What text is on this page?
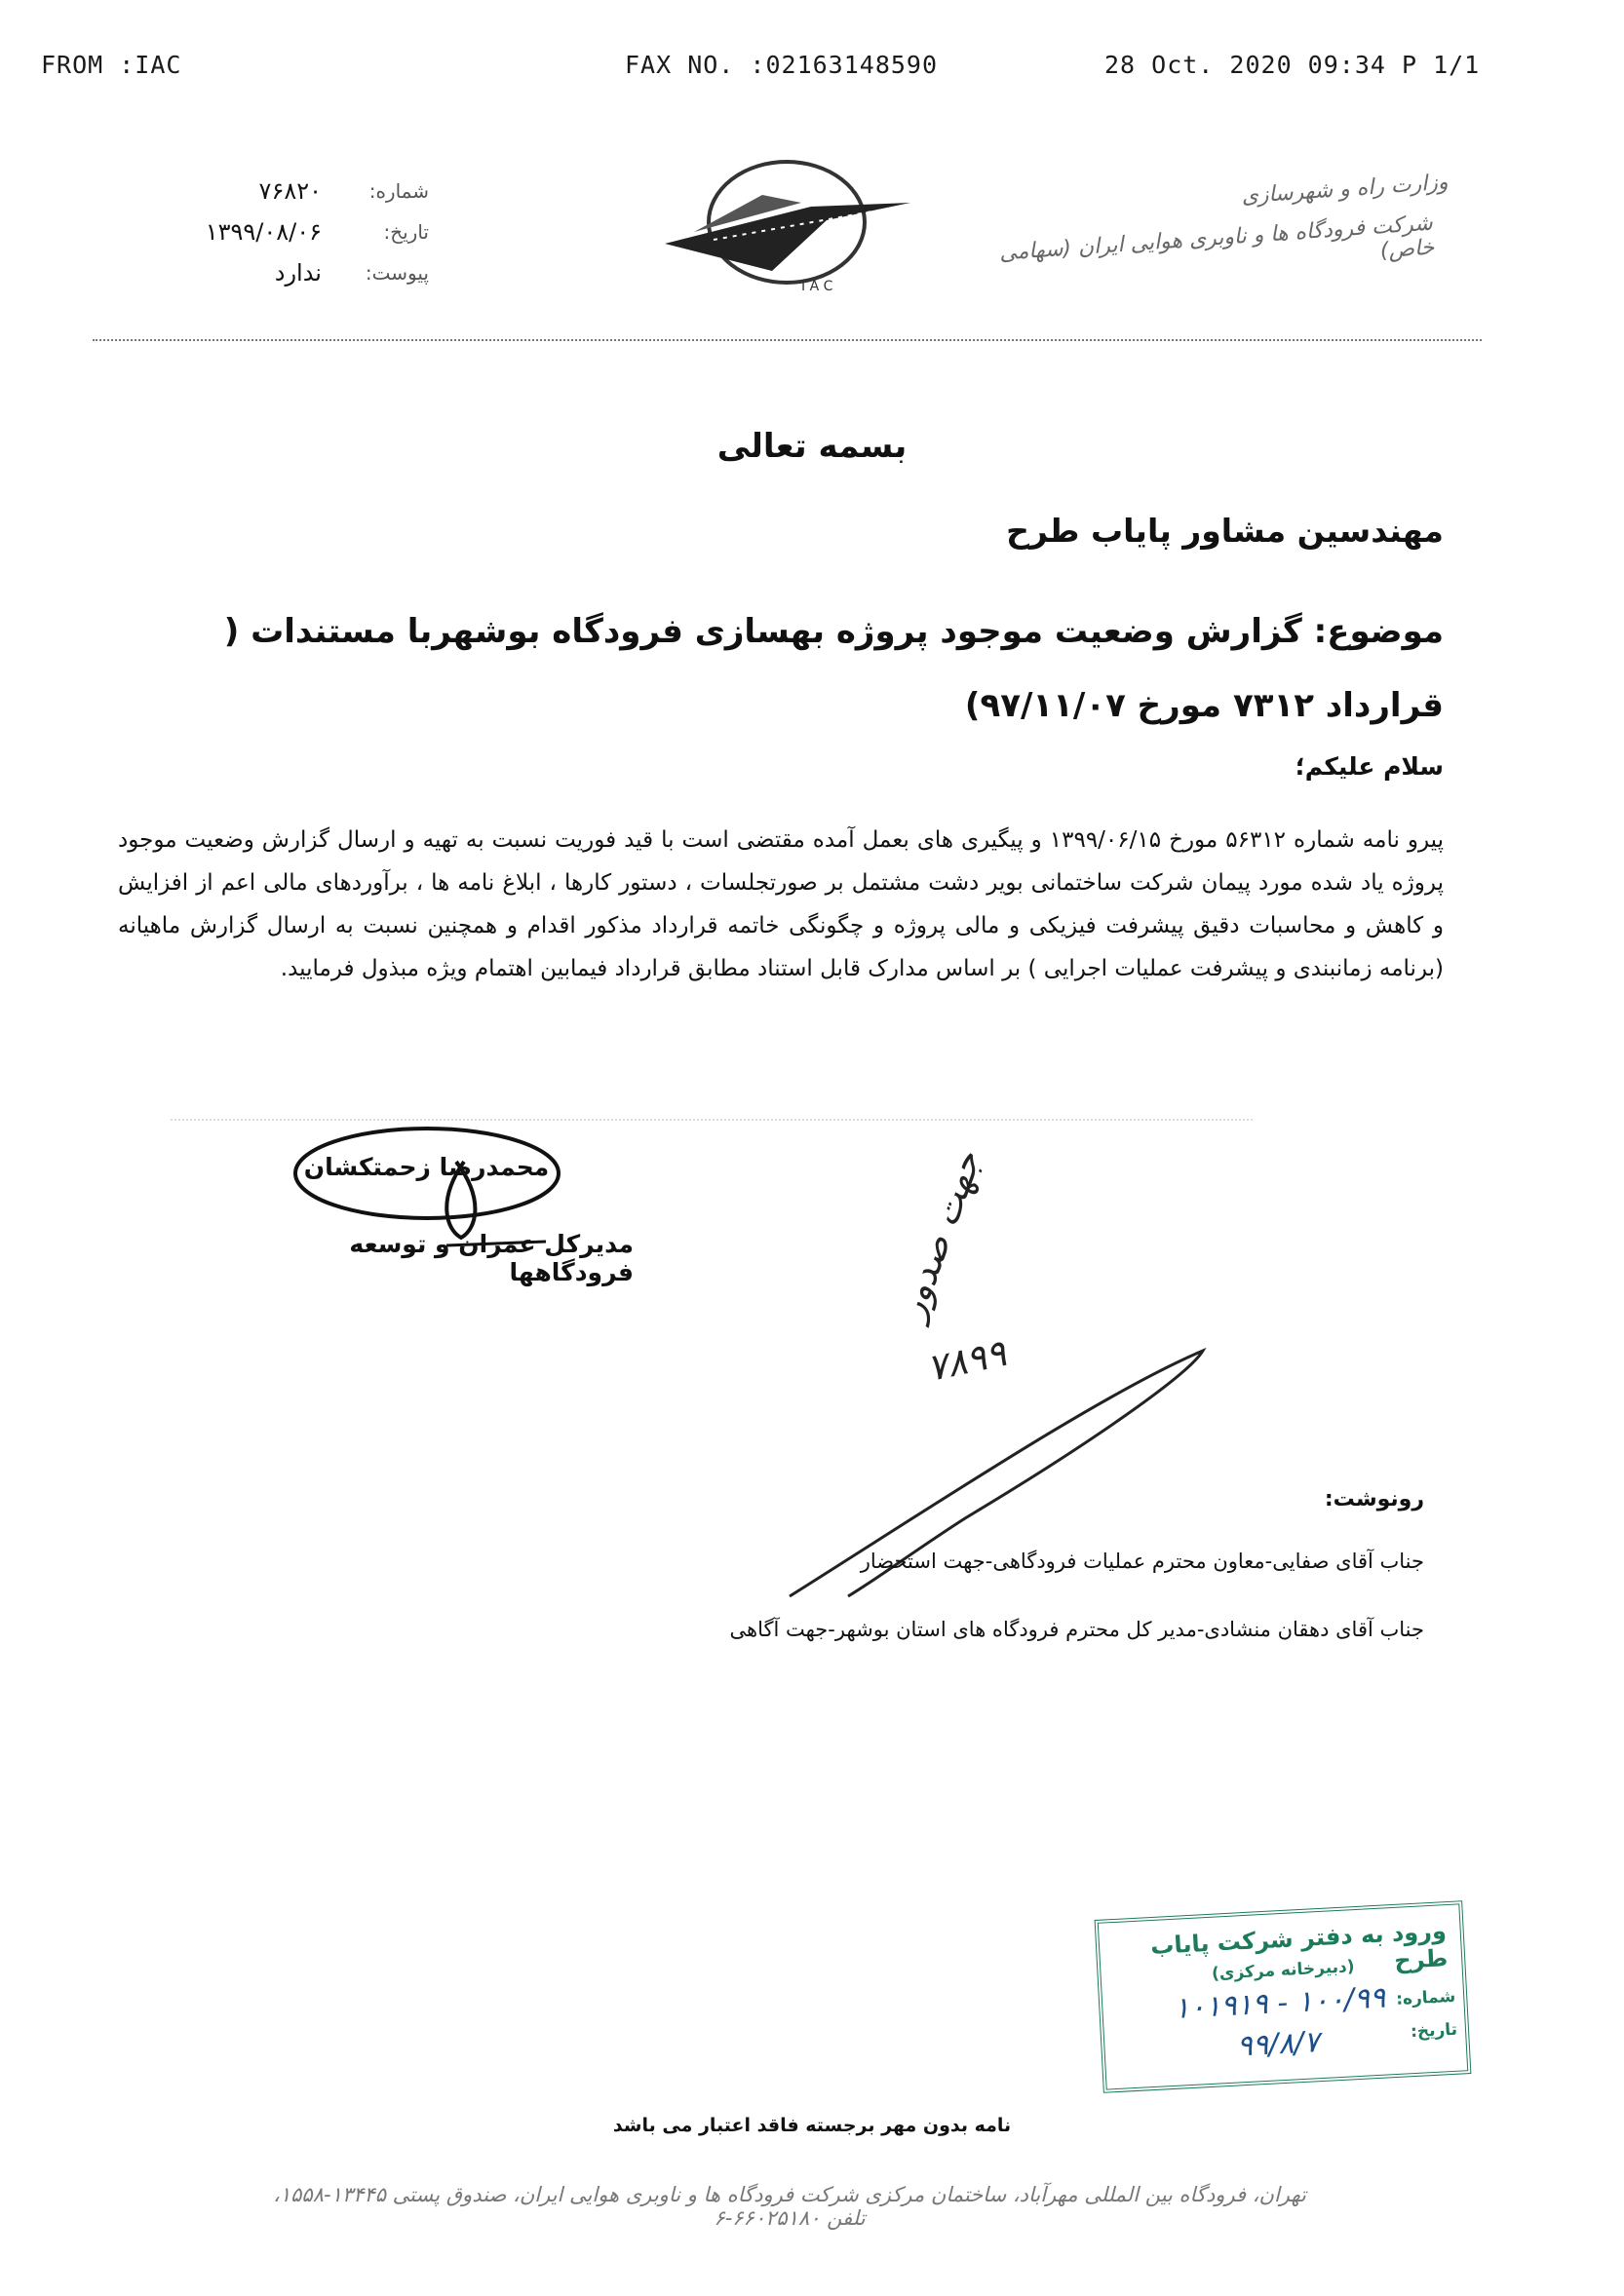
FROM :IAC	FAX NO. :02163148590	28 Oct. 2020 09:34 P 1/1
شماره:
۷۶۸۲۰
تاریخ:
۱۳۹۹/۰۸/۰۶
پیوست:
ندارد	I A C
وزارت راه و شهرسازی
شرکت فرودگاه ها و ناوبری هوایی ایران (سهامی خاص)
بسمه تعالی
مهندسین مشاور پایاب طرح
موضوع: گزارش وضعیت موجود پروژه بهسازی فرودگاه بوشهربا مستندات ( قرارداد ۷۳۱۲ مورخ ۹۷/۱۱/۰۷)
سلام علیکم؛
پیرو نامه شماره ۵۶۳۱۲ مورخ ۱۳۹۹/۰۶/۱۵ و پیگیری های بعمل آمده مقتضی است با قید فوریت نسبت به تهیه و ارسال گزارش وضعیت موجود پروژه یاد شده مورد پیمان شرکت ساختمانی بویر دشت مشتمل بر صورتجلسات ، دستور کارها ، ابلاغ نامه ها ، برآوردهای مالی اعم از افزایش و کاهش و محاسبات دقیق پیشرفت فیزیکی و مالی پروژه و چگونگی خاتمه قرارداد مذکور اقدام و همچنین نسبت به ارسال گزارش ماهیانه (برنامه زمانبندی و پیشرفت عملیات اجرایی ) بر اساس مدارک قابل استناد مطابق قرارداد فیمابین اهتمام ویژه مبذول فرمایید.
محمدرضا زحمتکشان
مدیرکل عمران و توسعه فرودگاهها	جهت صدور
۷۸۹۹
رونوشت:
جناب آقای صفایی-معاون محترم عملیات فرودگاهی-جهت استحضار
جناب آقای دهقان منشادی-مدیر کل محترم فرودگاه های استان بوشهر-جهت آگاهی
ورود به دفتر شرکت پایاب طرح
(دبیرخانه مرکزی)
شماره:
۱۰۰/۹۹ - ۱۰۱۹۱۹
تاریخ:
۹۹/۸/۷
نامه بدون مهر برجسته فاقد اعتبار می باشد
تهران، فرودگاه بین المللی مهرآباد، ساختمان مرکزی شرکت فرودگاه ها و ناوبری هوایی ایران، صندوق پستی ۱۳۴۴۵-۱۵۵۸، تلفن ۶۶۰۲۵۱۸۰-۶
